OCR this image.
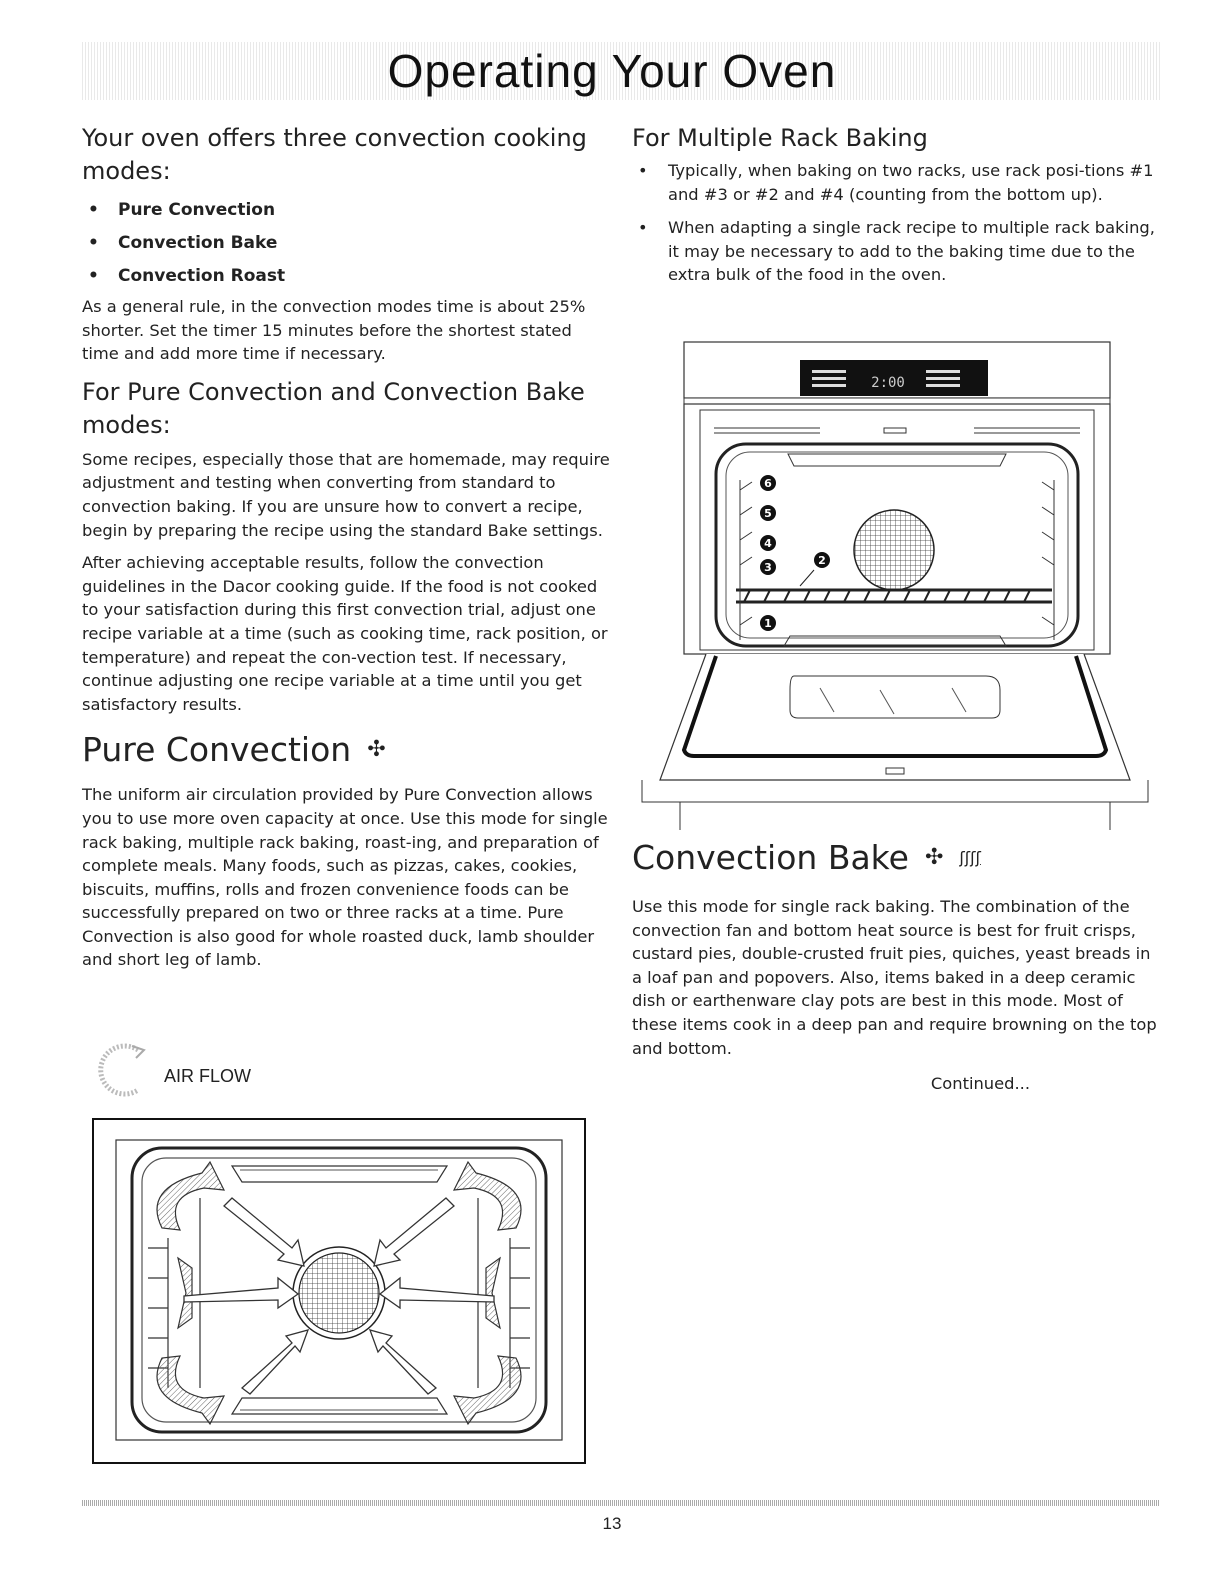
Operating Your Oven
Your oven offers three convection cooking modes:
• Pure Convection
• Convection Bake
• Convection Roast

As a general rule, in the convection modes time is about 25% shorter. Set the timer 15 minutes before the shortest stated time and add more time if necessary.

For Pure Convection and Convection Bake modes:

Some recipes, especially those that are homemade, may require adjustment and testing when converting from standard to convection baking. If you are unsure how to convert a recipe, begin by preparing the recipe using the standard Bake settings.

After achieving acceptable results, follow the convection guidelines in the Dacor cooking guide. If the food is not cooked to your satisfaction during this first convection trial, adjust one recipe variable at a time (such as cooking time, rack position, or temperature) and repeat the con-vection test. If necessary, continue adjusting one recipe variable at a time until you get satisfactory results.

Pure Convection ✣

The uniform air circulation provided by Pure Convection allows you to use more oven capacity at once. Use this mode for single rack baking, multiple rack baking, roast-ing, and preparation of complete meals. Many foods, such as pizzas, cakes, cookies, biscuits, muffins, rolls and frozen convenience foods can be successfully prepared on two or three racks at a time. Pure Convection is also good for whole roasted duck, lamb shoulder and short leg of lamb.

AIR FLOW
For Multiple Rack Baking
• Typically, when baking on two racks, use rack posi-tions #1 and #3 or #2 and #4 (counting from the bottom up).
• When adapting a single rack recipe to multiple rack baking, it may be necessary to add to the baking time due to the extra bulk of the food in the oven.
2:00
6
5
4
3
2
1
Convection Bake ✣ ʃʃʃʃ

Use this mode for single rack baking. The combination of the convection fan and bottom heat source is best for fruit crisps, custard pies, double-crusted fruit pies, quiches, yeast breads in a loaf pan and popovers. Also, items baked in a deep ceramic dish or earthenware clay pots are best in this mode. Most of these items cook in a deep pan and require browning on the top and bottom.

Continued...
13
